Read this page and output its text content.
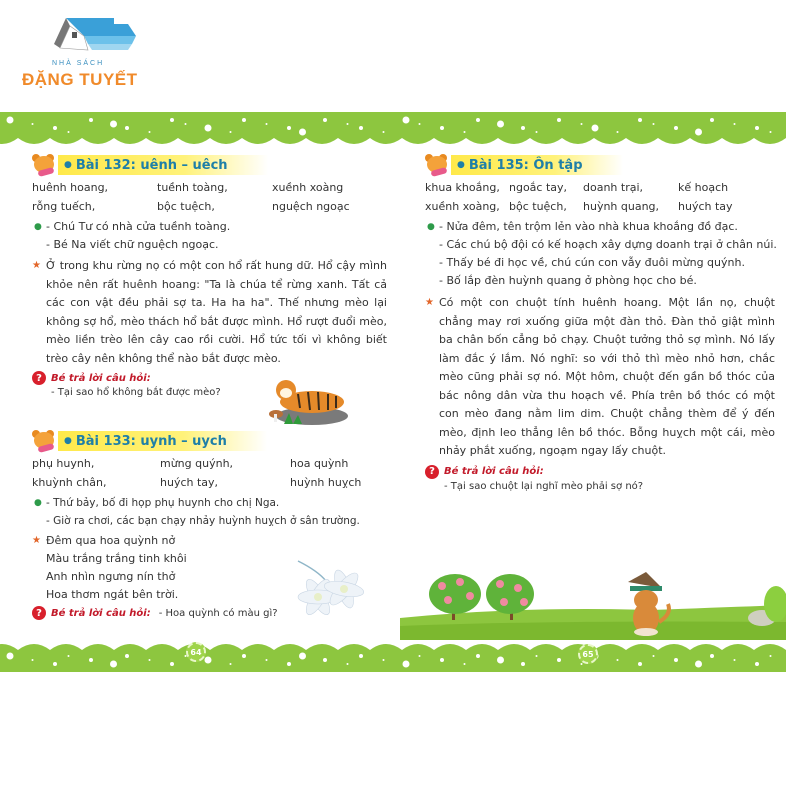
NHÀ SÁCH
ĐẶNG TUYẾT
● Bài 132: uênh – uêch
huênh hoang,	tuềnh toàng,	xuềnh xoàng
rỗng tuếch,	bộc tuệch,	nguệch ngoạc
● - Chú Tư có nhà cửa tuềnh toàng.
- Bé Na viết chữ nguệch ngoạc.
★ Ở trong khu rừng nọ có một con hổ rất hung dữ. Hổ cậy mình khỏe nên rất huênh hoang: "Ta là chúa tể rừng xanh. Tất cả các con vật đều phải sợ ta. Ha ha ha". Thế nhưng mèo lại không sợ hổ, mèo thách hổ bắt được mình. Hổ rượt đuổi mèo, mèo liền trèo lên cây cao rồi cười. Hổ tức tối vì không biết trèo cây nên không thể nào bắt được mèo.
? Bé trả lời câu hỏi:
- Tại sao hổ không bắt được mèo?
● Bài 133: uynh – uych
phụ huynh,	mừng quýnh,	hoa quỳnh
khuỳnh chân,	huých tay,	huỳnh huỵch
● - Thứ bảy, bố đi họp phụ huynh cho chị Nga.
- Giờ ra chơi, các bạn chạy nhảy huỳnh huỵch ở sân trường.
★ Đêm qua hoa quỳnh nở
Màu trắng trắng tinh khôi
Anh nhìn ngưng nín thở
Hoa thơm ngát bên trời.
? Bé trả lời câu hỏi: - Hoa quỳnh có màu gì?
● Bài 135: Ôn tập
khua khoắng, ngoắc tay,	doanh trại,	kế hoạch
xuềnh xoàng, bộc tuệch,	huỳnh quang,	huých tay
● - Nửa đêm, tên trộm lẻn vào nhà khua khoắng đồ đạc.
- Các chú bộ đội có kế hoạch xây dựng doanh trại ở chân núi.
- Thấy bé đi học về, chú cún con vẫy đuôi mừng quýnh.
- Bố lắp đèn huỳnh quang ở phòng học cho bé.
★ Có một con chuột tính huênh hoang. Một lần nọ, chuột chẳng may rơi xuống giữa một đàn thỏ. Đàn thỏ giật mình ba chân bốn cẳng bỏ chạy. Chuột tưởng thỏ sợ mình. Nó lấy làm đắc ý lắm. Nó nghĩ: so với thỏ thì mèo nhỏ hơn, chắc mèo cũng phải sợ nó. Một hôm, chuột đến gần bồ thóc của bác nông dân vừa thu hoạch về. Phía trên bồ thóc có một con mèo đang nằm lim dim. Chuột chẳng thèm để ý đến mèo, định leo thẳng lên bồ thóc. Bỗng huỵch một cái, mèo nhảy phắt xuống, ngoạm ngay lấy chuột.
? Bé trả lời câu hỏi:
- Tại sao chuột lại nghĩ mèo phải sợ nó?
64	65
